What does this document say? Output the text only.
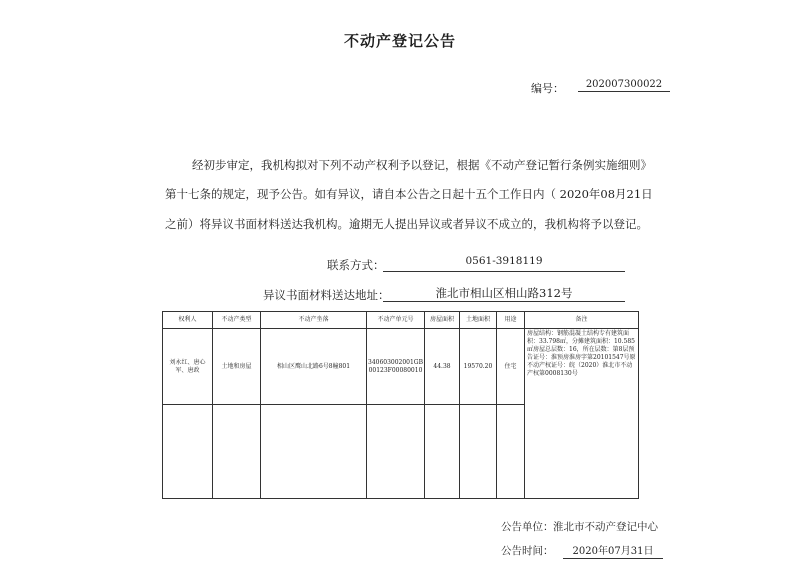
不动产登记公告
编号：	202007300022
经初步审定，我机构拟对下列不动产权利予以登记，根据《不动产登记暂行条例实施细则》
第十七条的规定，现予公告。如有异议，请自本公告之日起十五个工作日内（ 2020年08月21日
之前）将异议书面材料送达我机构。逾期无人提出异议或者异议不成立的，我机构将予以登记。
联系方式：	0561-3918119
异议书面材料送达地址：	淮北市相山区相山路312号
权利人	不动产类型	不动产坐落	不动产单元号	房屋面积	土地面积	用途	备注
刘永红、唐心军、唐政	土地和房屋	相山区鹰山北路6号8幢801	340603002001GB00123F00080010	44.38	19570.20	住宅	房屋结构：钢筋混凝土结构专有建筑面积：33.798㎡，分摊建筑面积：10.585㎡房屋总层数：16，所在层数：第8层预告证号：淮预房淮房字第20101547号原不动产权证号：皖（2020）淮北市不动产权第0008130号

公告单位： 淮北市不动产登记中心
公告时间：	2020年07月31日
